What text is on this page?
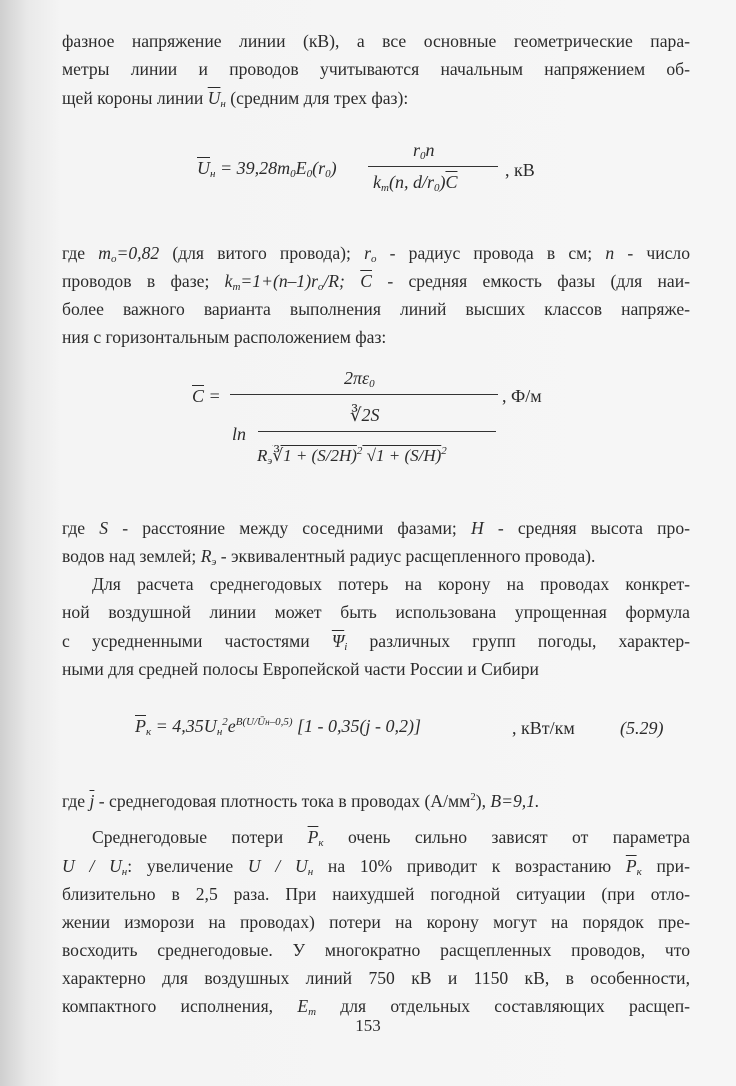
фазное напряжение линии (кВ), а все основные геометрические пара-
метры линии и проводов учитываются начальным напряжением об-
щей короны линии $\overline{U}_н$ (средним для трех фаз):
$\overline{U}_н = 39,28m_0E_0(r_0)$
$r_0n$
$k_m(n$, $d/r_0)\overline{C}$
, кВ
где $m_o=0,82$ (для витого провода); $r_o$ - радиус провода в см; n - число
проводов в фазе; $k_m=1+(n-1)r_o/R$; $\overline{C}$ - средняя емкость фазы (для наи-
более важного варианта выполнения линий высших классов напряже-
ния с горизонтальным расположением фаз:
$\overline{C}$ =
$2\pi\varepsilon_0$
ln
∛2S
$R_э∛1 + (S/2H)^2$ $√1 + (S/H)^2$
, Ф/м
где S - расстояние между соседними фазами; H - средняя высота про-
водов над землей; $R_э$ - эквивалентный радиус расщепленного провода).
Для расчета среднегодовых потерь на корону на проводах конкрет-
ной воздушной линии может быть использована упрощенная формула
с усредненными частостями $\overline{\Psi}_i$ различных групп погоды, характер-
ными для средней полосы Европейской части России и Сибири
$\overline{P}_к = 4,35U_н^2e^{B(U/Ūн-0,5)}$ [1 - 0,35(j - 0,2)]	, кВт/км	(5.29)
где $\overline{j}$ - среднегодовая плотность тока в проводах $(А/мм^2)$, B=9,1.
Среднегодовые потери $\overline{P}_к$ очень сильно зависят от параметра
U / $U_н$: увеличение U / $U_н$ на 10% приводит к возрастанию $\overline{P}_к$ при-
близительно в 2,5 раза. При наихудшей погодной ситуации (при отло-
жении изморози на проводах) потери на корону могут на порядок пре-
восходить среднегодовые. У многократно расщепленных проводов, что
характерно для воздушных линий 750 кВ и 1150 кВ, в особенности,
компактного исполнения, $E_m$ для отдельных составляющих расщеп-
153
